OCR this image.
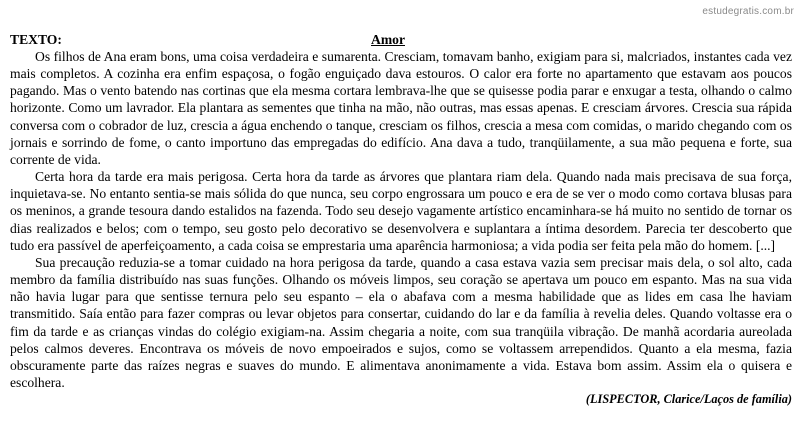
estudegratis.com.br
TEXTO:	Amor

Os filhos de Ana eram bons, uma coisa verdadeira e sumarenta. Cresciam, tomavam banho, exigiam para si, malcriados, instantes cada vez mais completos. A cozinha era enfim espaçosa, o fogão enguiçado dava estouros. O calor era forte no apartamento que estavam aos poucos pagando. Mas o vento batendo nas cortinas que ela mesma cortara lembrava-lhe que se quisesse podia parar e enxugar a testa, olhando o calmo horizonte. Como um lavrador. Ela plantara as sementes que tinha na mão, não outras, mas essas apenas. E cresciam árvores. Crescia sua rápida conversa com o cobrador de luz, crescia a água enchendo o tanque, cresciam os filhos, crescia a mesa com comidas, o marido chegando com os jornais e sorrindo de fome, o canto importuno das empregadas do edifício. Ana dava a tudo, tranqüilamente, a sua mão pequena e forte, sua corrente de vida.

Certa hora da tarde era mais perigosa. Certa hora da tarde as árvores que plantara riam dela. Quando nada mais precisava de sua força, inquietava-se. No entanto sentia-se mais sólida do que nunca, seu corpo engrossara um pouco e era de se ver o modo como cortava blusas para os meninos, a grande tesoura dando estalidos na fazenda. Todo seu desejo vagamente artístico encaminhara-se há muito no sentido de tornar os dias realizados e belos; com o tempo, seu gosto pelo decorativo se desenvolvera e suplantara a íntima desordem. Parecia ter descoberto que tudo era passível de aperfeiçoamento, a cada coisa se emprestaria uma aparência harmoniosa; a vida podia ser feita pela mão do homem. [...]

Sua precaução reduzia-se a tomar cuidado na hora perigosa da tarde, quando a casa estava vazia sem precisar mais dela, o sol alto, cada membro da família distribuído nas suas funções. Olhando os móveis limpos, seu coração se apertava um pouco em espanto. Mas na sua vida não havia lugar para que sentisse ternura pelo seu espanto – ela o abafava com a mesma habilidade que as lides em casa lhe haviam transmitido. Saía então para fazer compras ou levar objetos para consertar, cuidando do lar e da família à revelia deles. Quando voltasse era o fim da tarde e as crianças vindas do colégio exigiam-na. Assim chegaria a noite, com sua tranqüila vibração. De manhã acordaria aureolada pelos calmos deveres. Encontrava os móveis de novo empoeirados e sujos, como se voltassem arrependidos. Quanto a ela mesma, fazia obscuramente parte das raízes negras e suaves do mundo. E alimentava anonimamente a vida. Estava bom assim. Assim ela o quisera e escolhera.

(LISPECTOR, Clarice/Laços de família)
